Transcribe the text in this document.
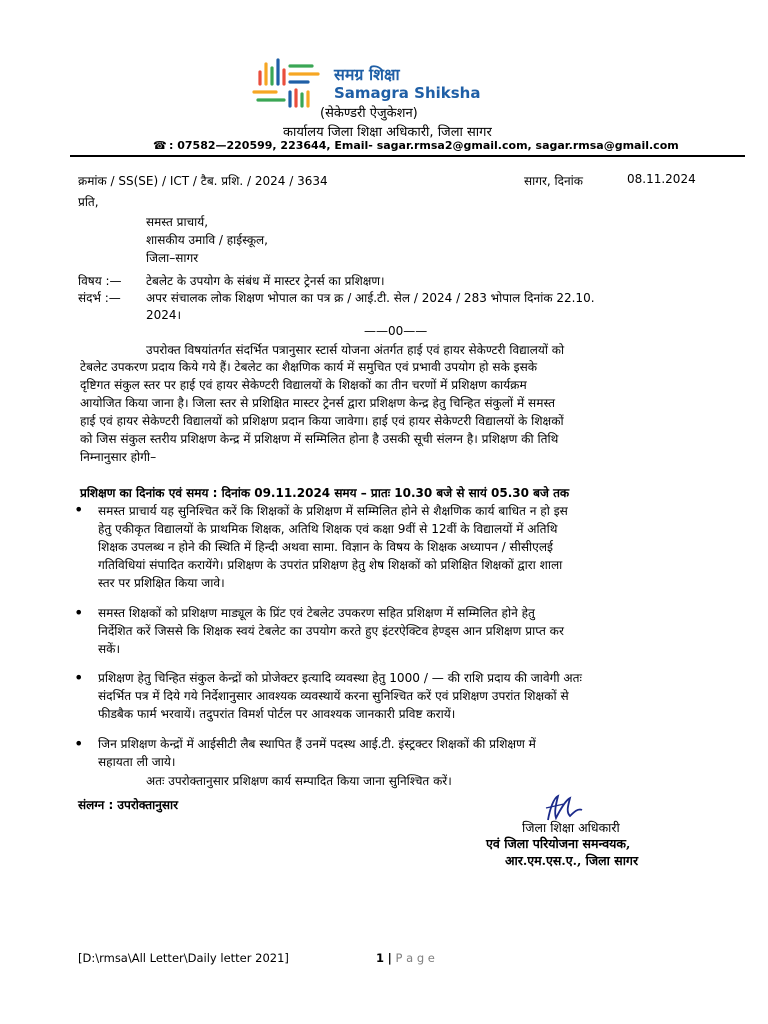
समग्र शिक्षा
Samagra Shiksha
(सेकेण्डरी ऐजुकेशन)
कार्यालय जिला शिक्षा अधिकारी, जिला सागर
☎ : 07582—220599, 223644, Email- sagar.rmsa2@gmail.com, sagar.rmsa@gmail.com
क्रमांक / SS(SE) / ICT / टैब. प्रशि. / 2024 / 3634	सागर, दिनांक	08.11.2024
प्रति,
समस्त प्राचार्य,
शासकीय उमावि / हाईस्कूल,
जिला–सागर
विषय :— टेबलेट के उपयोग के संबंध में मास्टर ट्रेनर्स का प्रशिक्षण।
संदर्भ :— अपर संचालक लोक शिक्षण भोपाल का पत्र क्र / आई.टी. सेल / 2024 / 283 भोपाल दिनांक 22.10.
2024।
——00——
उपरोक्त विषयांतर्गत संदर्भित पत्रानुसार स्टार्स योजना अंतर्गत हाई एवं हायर सेकेण्टरी विद्यालयों को
टेबलेट उपकरण प्रदाय किये गये हैं। टेबलेट का शैक्षणिक कार्य में समुचित एवं प्रभावी उपयोग हो सके इसके
दृष्टिगत संकुल स्तर पर हाई एवं हायर सेकेण्टरी विद्यालयों के शिक्षकों का तीन चरणों में प्रशिक्षण कार्यक्रम
आयोजित किया जाना है। जिला स्तर से प्रशिक्षित मास्टर ट्रेनर्स द्वारा प्रशिक्षण केन्द्र हेतु चिन्हित संकुलों में समस्त
हाई एवं हायर सेकेण्टरी विद्यालयों को प्रशिक्षण प्रदान किया जावेगा। हाई एवं हायर सेकेण्टरी विद्यालयों के शिक्षकों
को जिस संकुल स्तरीय प्रशिक्षण केन्द्र में प्रशिक्षण में सम्मिलित होना है उसकी सूची संलग्न है। प्रशिक्षण की तिथि
निम्नानुसार होगी–
प्रशिक्षण का दिनांक एवं समय : दिनांक 09.11.2024 समय – प्रातः 10.30 बजे से सायं 05.30 बजे तक
• समस्त प्राचार्य यह सुनिश्चित करें कि शिक्षकों के प्रशिक्षण में सम्मिलित होने से शैक्षणिक कार्य बाधित न हो इस
हेतु एकीकृत विद्यालयों के प्राथमिक शिक्षक, अतिथि शिक्षक एवं कक्षा 9वीं से 12वीं के विद्यालयों में अतिथि
शिक्षक उपलब्ध न होने की स्थिति में हिन्दी अथवा सामा. विज्ञान के विषय के शिक्षक अध्यापन / सीसीएलई
गतिविधियां संपादित करायेंगे। प्रशिक्षण के उपरांत प्रशिक्षण हेतु शेष शिक्षकों को प्रशिक्षित शिक्षकों द्वारा शाला
स्तर पर प्रशिक्षित किया जावे।
• समस्त शिक्षकों को प्रशिक्षण माड्यूल के प्रिंट एवं टेबलेट उपकरण सहित प्रशिक्षण में सम्मिलित होने हेतु
निर्देशित करें जिससे कि शिक्षक स्वयं टेबलेट का उपयोग करते हुए इंटरऐक्टिव हेण्ड्स आन प्रशिक्षण प्राप्त कर
सकें।
• प्रशिक्षण हेतु चिन्हित संकुल केन्द्रों को प्रोजेक्टर इत्यादि व्यवस्था हेतु 1000 / — की राशि प्रदाय की जावेगी अतः
संदर्भित पत्र में दिये गये निर्देशानुसार आवश्यक व्यवस्थायें करना सुनिश्चित करें एवं प्रशिक्षण उपरांत शिक्षकों से
फीडबैक फार्म भरवायें। तदुपरांत विमर्श पोर्टल पर आवश्यक जानकारी प्रविष्ट करायें।
• जिन प्रशिक्षण केन्द्रों में आईसीटी लैब स्थापित हैं उनमें पदस्थ आई.टी. इंस्ट्रक्टर शिक्षकों की प्रशिक्षण में
सहायता ली जाये।
अतः उपरोक्तानुसार प्रशिक्षण कार्य सम्पादित किया जाना सुनिश्चित करें।
संलग्न : उपरोक्तानुसार
जिला शिक्षा अधिकारी
एवं जिला परियोजना समन्वयक,
आर.एम.एस.ए., जिला सागर
[D:\rmsa\All Letter\Daily letter 2021]	1 | P a g e
